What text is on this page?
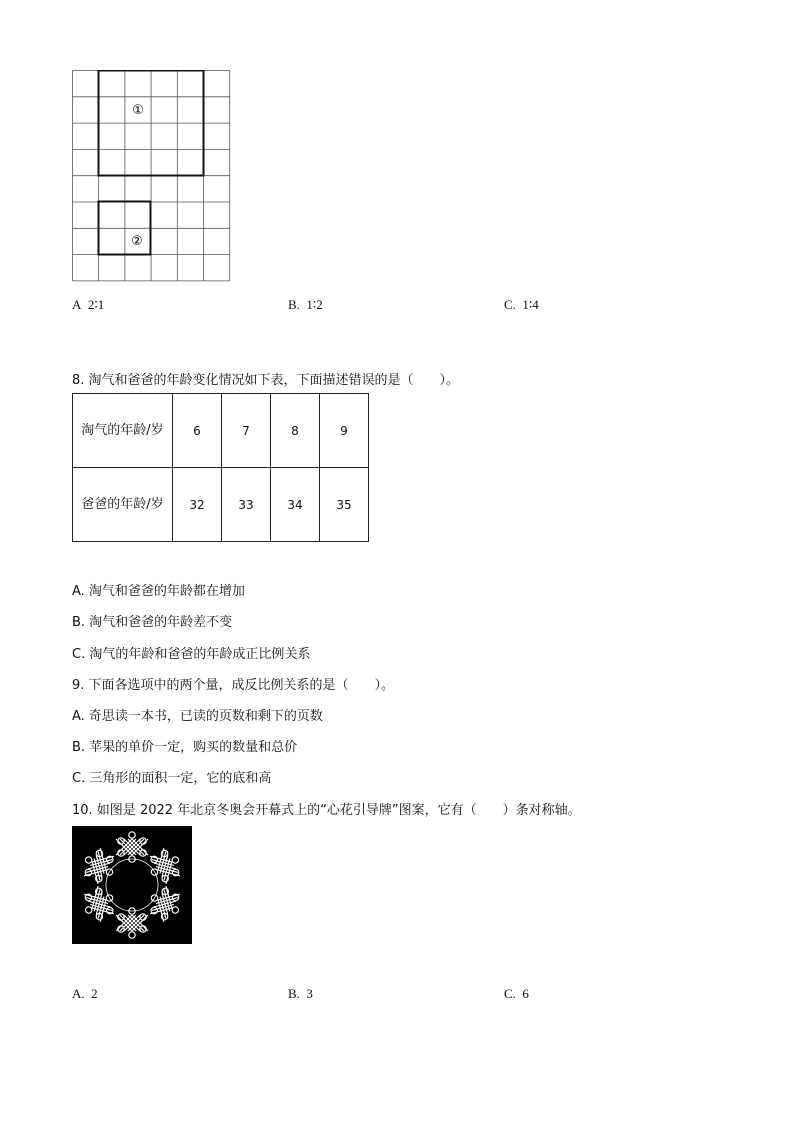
①
②
A 2∶1	B. 1∶2	C. 1∶4
8. 淘气和爸爸的年龄变化情况如下表，下面描述错误的是（　　）。
淘气的年龄/岁	6	7	8	9
爸爸的年龄/岁	32	33	34	35
A. 淘气和爸爸的年龄都在增加
B. 淘气和爸爸的年龄差不变
C. 淘气的年龄和爸爸的年龄成正比例关系
9. 下面各选项中的两个量，成反比例关系的是（　　）。
A. 奇思读一本书，已读的页数和剩下的页数
B. 苹果的单价一定，购买的数量和总价
C. 三角形的面积一定，它的底和高
10. 如图是 2022 年北京冬奥会开幕式上的“心花引导牌”图案，它有（　　）条对称轴。
A. 2	B. 3	C. 6
